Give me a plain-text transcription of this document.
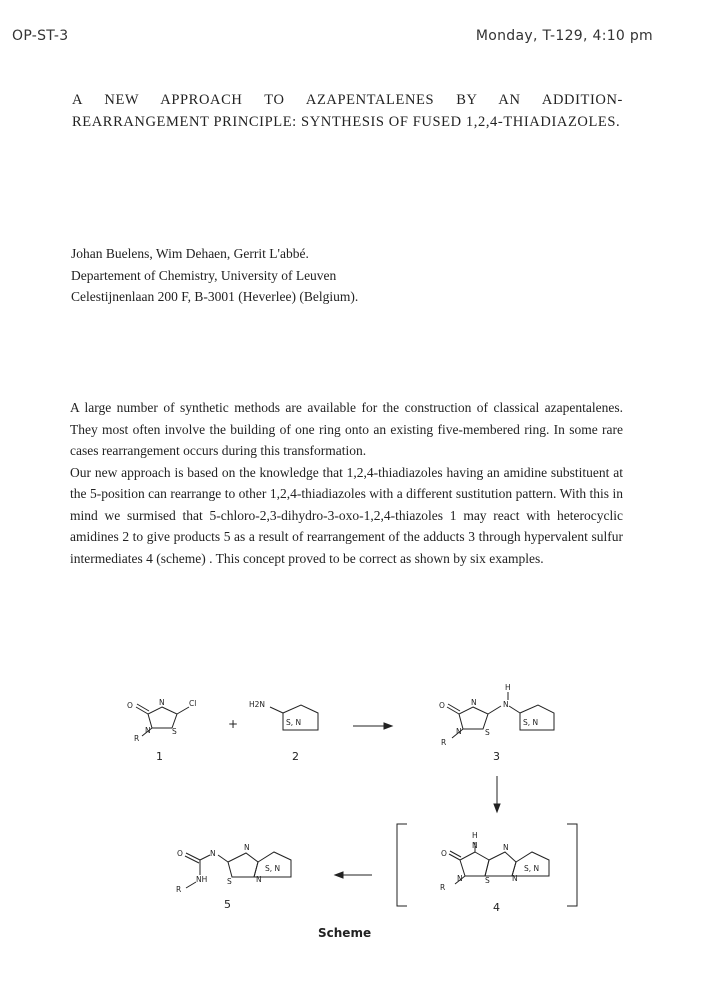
OP-ST-3	Monday, T-129, 4:10 pm
A NEW APPROACH TO AZAPENTALENES BY AN ADDITION-REARRANGEMENT PRINCIPLE: SYNTHESIS OF FUSED 1,2,4-THIADIAZOLES.
Johan Buelens, Wim Dehaen, Gerrit L'abbé.
Departement of Chemistry, University of Leuven
Celestijnenlaan 200 F, B-3001 (Heverlee) (Belgium).

A large number of synthetic methods are available for the construction of classical azapentalenes. They most often involve the building of one ring onto an existing five-membered ring. In some rare cases rearrangement occurs during this transformation.

Our new approach is based on the knowledge that 1,2,4-thiadiazoles having an amidine substituent at the 5-position can rearrange to other 1,2,4-thiadiazoles with a different sustitution pattern. With this in mind we surmised that 5-chloro-2,3-dihydro-3-oxo-1,2,4-thiazoles 1 may react with heterocyclic amidines 2 to give products 5 as a result of rearrangement of the adducts 3 through hypervalent sulfur intermediates 4 (scheme) . This concept proved to be correct as shown by six examples.

O	N	Cl
N	S
R
1
+
H2N
S, N
2
O	N	N
H
N	S
R
S, N
3
O
N
H
N
N	S	N
R
S, N
4
O	N
NH
N
S	N
R
S, N
5
Scheme
